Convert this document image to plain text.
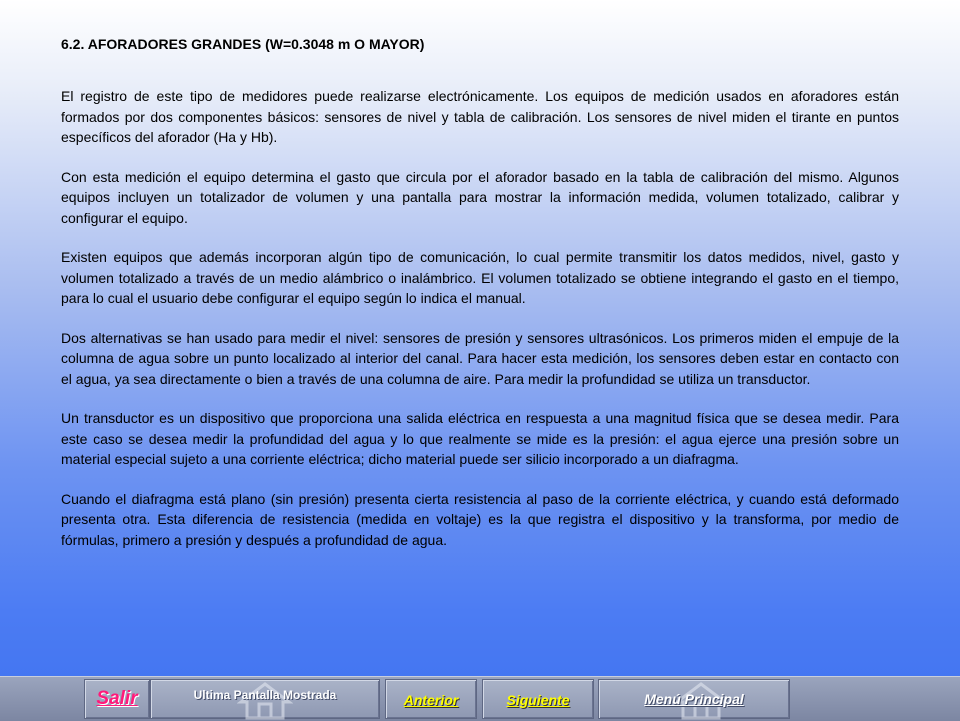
6.2. AFORADORES GRANDES (W=0.3048 m O MAYOR)

El registro de este tipo de medidores puede realizarse electrónicamente. Los equipos de medición usados en aforadores están formados por dos componentes básicos: sensores de nivel y tabla de calibración. Los sensores de nivel miden el tirante en puntos específicos del aforador (Ha y Hb).

Con esta medición el equipo determina el gasto que circula por el aforador basado en la tabla de calibración del mismo. Algunos equipos incluyen un totalizador de volumen y una pantalla para mostrar la información medida, volumen totalizado, calibrar y configurar el equipo.

Existen equipos que además incorporan algún tipo de comunicación, lo cual permite transmitir los datos medidos, nivel, gasto y volumen totalizado a través de un medio alámbrico o inalámbrico. El volumen totalizado se obtiene integrando el gasto en el tiempo, para lo cual el usuario debe configurar el equipo según lo indica el manual.

Dos alternativas se han usado para medir el nivel: sensores de presión y sensores ultrasónicos. Los primeros miden el empuje de la columna de agua sobre un punto localizado al interior del canal. Para hacer esta medición, los sensores deben estar en contacto con el agua, ya sea directamente o bien a través de una columna de aire. Para medir la profundidad se utiliza un transductor.

Un transductor es un dispositivo que proporciona una salida eléctrica en respuesta a una magnitud física que se desea medir. Para este caso se desea medir la profundidad del agua y lo que realmente se mide es la presión: el agua ejerce una presión sobre un material especial sujeto a una corriente eléctrica; dicho material puede ser silicio incorporado a un diafragma.

Cuando el diafragma está plano (sin presión) presenta cierta resistencia al paso de la corriente eléctrica, y cuando está deformado presenta otra. Esta diferencia de resistencia (medida en voltaje) es la que registra el dispositivo y la transforma, por medio de fórmulas, primero a presión y después a profundidad de agua.

Salir	Ultima Pantalla Mostrada	Anterior	Siguiente	Menú Principal
